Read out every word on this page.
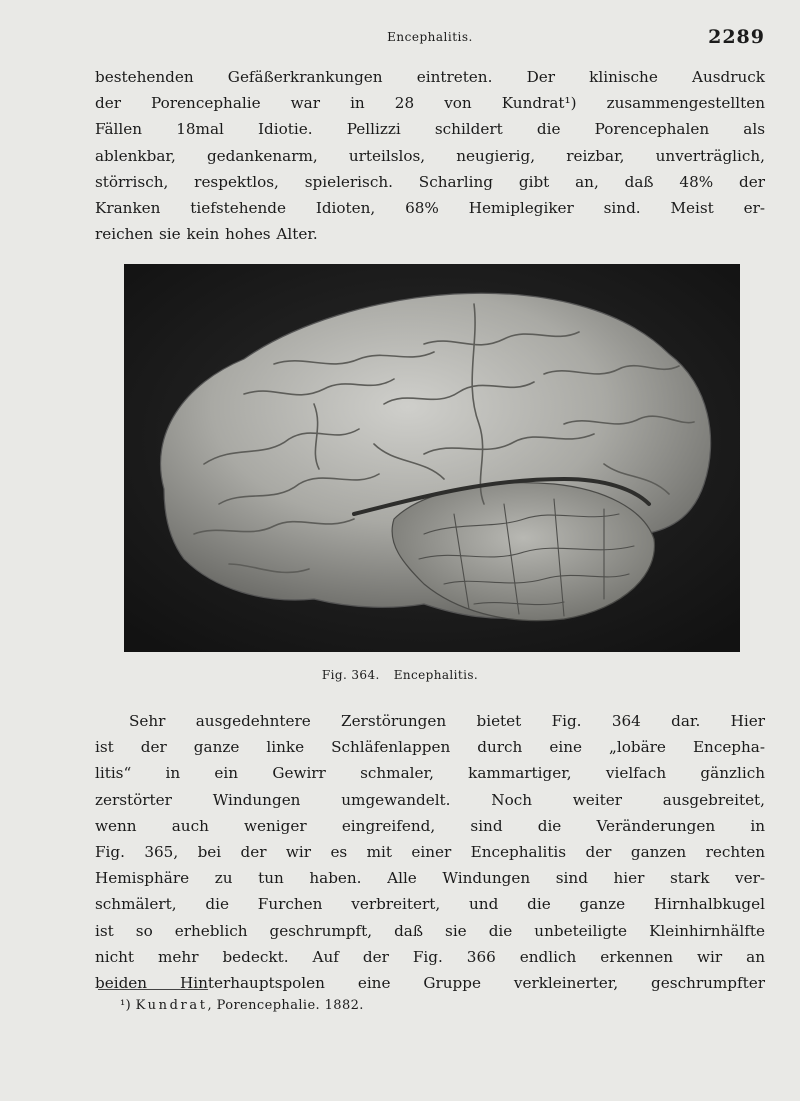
Encephalitis.	2289
bestehenden Gefäßerkrankungen eintreten. Der klinische Ausdruck
der Porencephalie war in 28 von Kundrat¹) zusammengestellten
Fällen 18mal Idiotie. Pellizzi schildert die Porencephalen als
ablenkbar, gedankenarm, urteilslos, neugierig, reizbar, unverträglich,
störrisch, respektlos, spielerisch. Scharling gibt an, daß 48% der
Kranken tiefstehende Idioten, 68% Hemiplegiker sind. Meist er-
reichen sie kein hohes Alter.
Fig. 364. Encephalitis.
Sehr ausgedehntere Zerstörungen bietet Fig. 364 dar. Hier
ist der ganze linke Schläfenlappen durch eine „lobäre Encepha-
litis“ in ein Gewirr schmaler, kammartiger, vielfach gänzlich
zerstörter Windungen umgewandelt. Noch weiter ausgebreitet,
wenn auch weniger eingreifend, sind die Veränderungen in
Fig. 365, bei der wir es mit einer Encephalitis der ganzen rechten
Hemisphäre zu tun haben. Alle Windungen sind hier stark ver-
schmälert, die Furchen verbreitert, und die ganze Hirnhalbkugel
ist so erheblich geschrumpft, daß sie die unbeteiligte Kleinhirnhälfte
nicht mehr bedeckt. Auf der Fig. 366 endlich erkennen wir an
beiden Hinterhauptspolen eine Gruppe verkleinerter, geschrumpfter
¹) Kundrat, Porencephalie. 1882.
